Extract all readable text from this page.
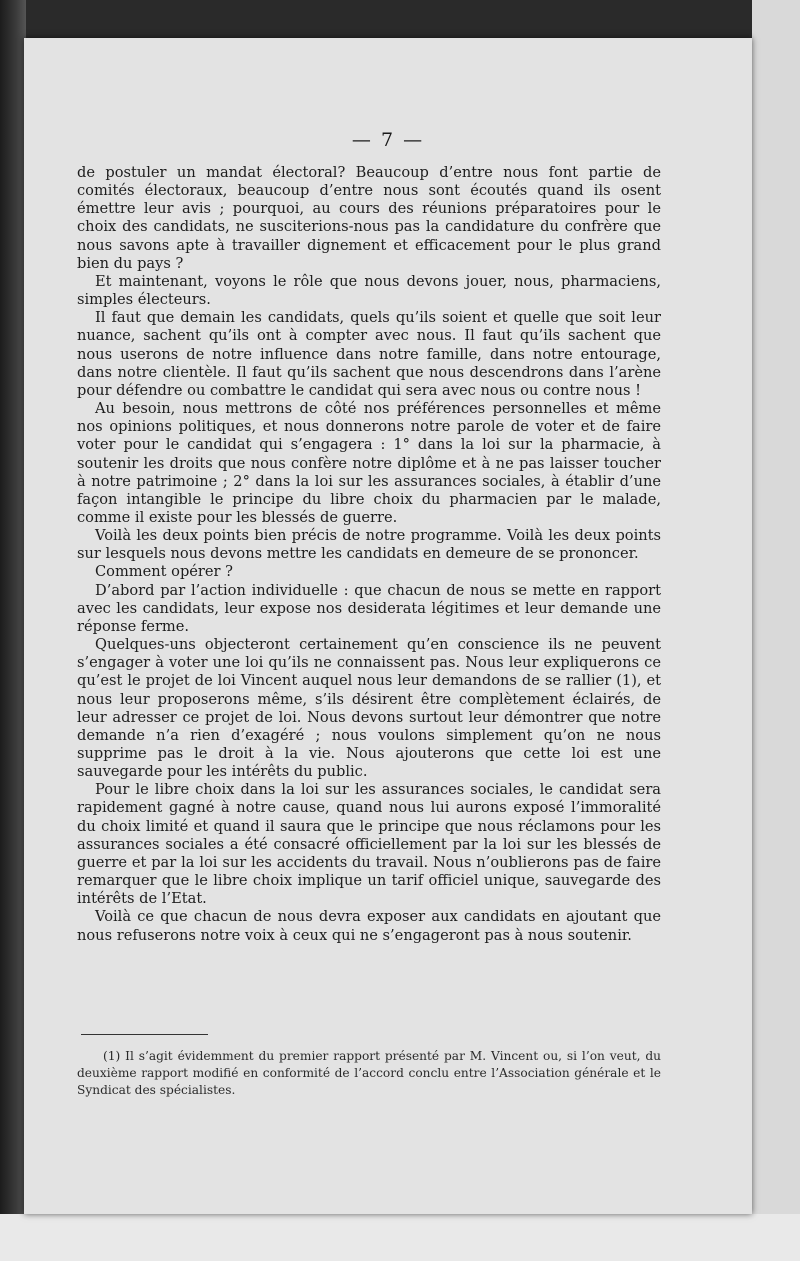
— 7 —

de postuler un mandat électoral? Beaucoup d’entre nous font partie de comités électoraux, beaucoup d’entre nous sont écoutés quand ils osent émettre leur avis ; pourquoi, au cours des réunions préparatoires pour le choix des candidats, ne susciterions-nous pas la candidature du confrère que nous savons apte à travailler dignement et efficacement pour le plus grand bien du pays ?

Et maintenant, voyons le rôle que nous devons jouer, nous, pharmaciens, simples électeurs.

Il faut que demain les candidats, quels qu’ils soient et quelle que soit leur nuance, sachent qu’ils ont à compter avec nous. Il faut qu’ils sachent que nous userons de notre influence dans notre famille, dans notre entourage, dans notre clientèle. Il faut qu’ils sachent que nous descendrons dans l’arène pour défendre ou combattre le candidat qui sera avec nous ou contre nous !

Au besoin, nous mettrons de côté nos préférences personnelles et même nos opinions politiques, et nous donnerons notre parole de voter et de faire voter pour le candidat qui s’engagera : 1° dans la loi sur la pharmacie, à soutenir les droits que nous confère notre diplôme et à ne pas laisser toucher à notre patrimoine ; 2° dans la loi sur les assurances sociales, à établir d’une façon intangible le principe du libre choix du pharmacien par le malade, comme il existe pour les blessés de guerre.

Voilà les deux points bien précis de notre programme. Voilà les deux points sur lesquels nous devons mettre les candidats en demeure de se prononcer.

Comment opérer ?

D’abord par l’action individuelle : que chacun de nous se mette en rapport avec les candidats, leur expose nos desiderata légitimes et leur demande une réponse ferme.

Quelques-uns objecteront certainement qu’en conscience ils ne peuvent s’engager à voter une loi qu’ils ne connaissent pas. Nous leur expliquerons ce qu’est le projet de loi Vincent auquel nous leur demandons de se rallier (1), et nous leur proposerons même, s’ils désirent être complètement éclairés, de leur adresser ce projet de loi. Nous devons surtout leur démontrer que notre demande n’a rien d’exagéré ; nous voulons simplement qu’on ne nous supprime pas le droit à la vie. Nous ajouterons que cette loi est une sauvegarde pour les intérêts du public.

Pour le libre choix dans la loi sur les assurances sociales, le candidat sera rapidement gagné à notre cause, quand nous lui aurons exposé l’immoralité du choix limité et quand il saura que le principe que nous réclamons pour les assurances sociales a été consacré officiellement par la loi sur les blessés de guerre et par la loi sur les accidents du travail. Nous n’oublierons pas de faire remarquer que le libre choix implique un tarif officiel unique, sauvegarde des intérêts de l’Etat.

Voilà ce que chacun de nous devra exposer aux candidats en ajoutant que nous refuserons notre voix à ceux qui ne s’engageront pas à nous soutenir.

(1) Il s’agit évidemment du premier rapport présenté par M. Vincent ou, si l’on veut, du deuxième rapport modifié en conformité de l’accord conclu entre l’Association générale et le Syndicat des spécialistes.
